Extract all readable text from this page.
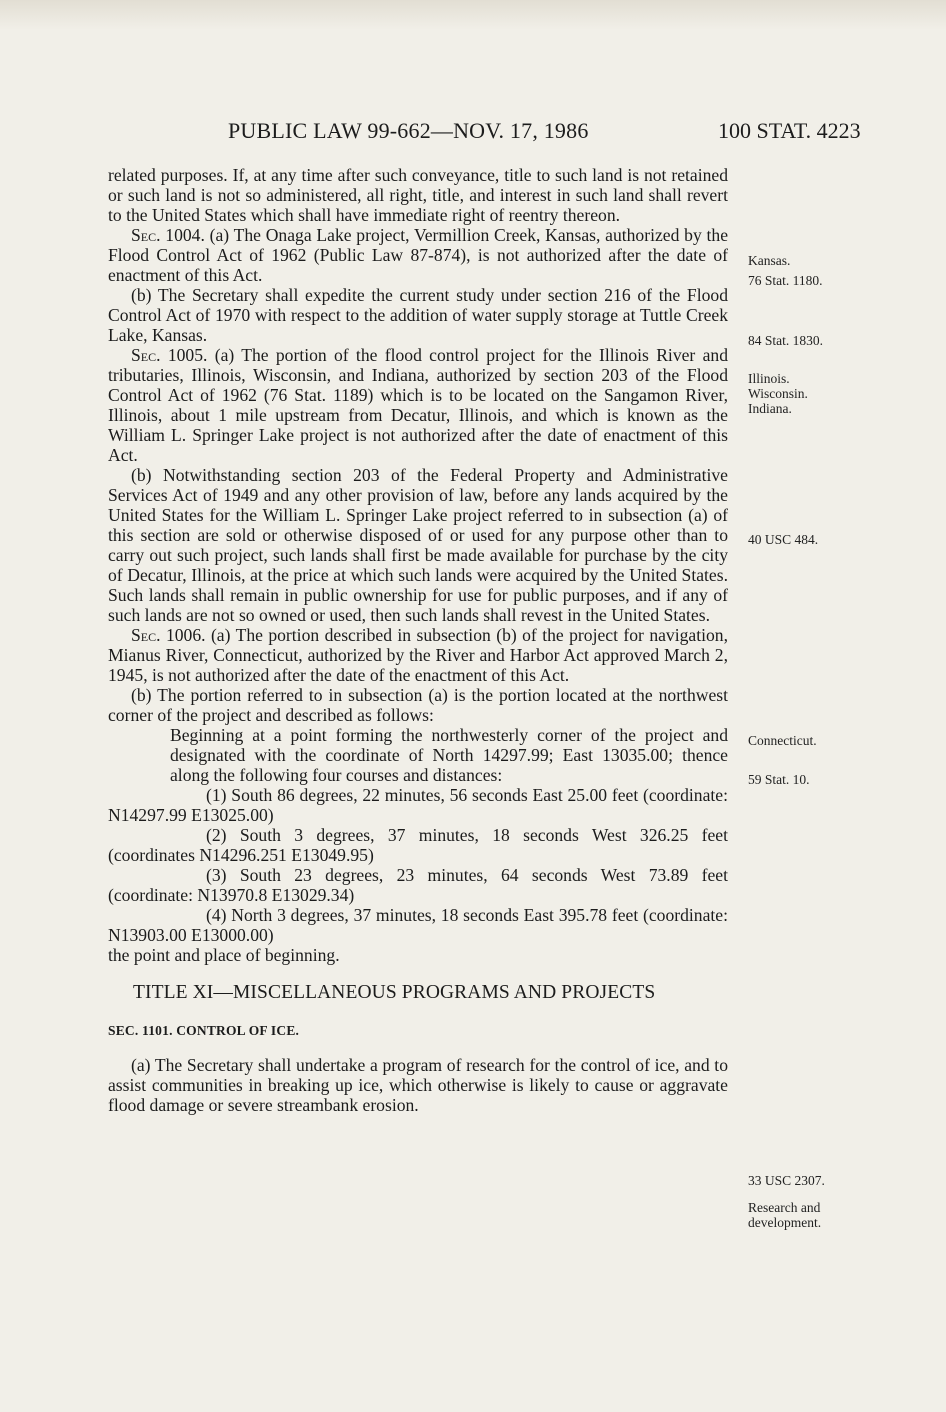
PUBLIC LAW 99-662—NOV. 17, 1986	100 STAT. 4223

related purposes. If, at any time after such conveyance, title to such land is not retained or such land is not so administered, all right, title, and interest in such land shall revert to the United States which shall have immediate right of reentry thereon.

Sec. 1004. (a) The Onaga Lake project, Vermillion Creek, Kansas, authorized by the Flood Control Act of 1962 (Public Law 87-874), is not authorized after the date of enactment of this Act.

(b) The Secretary shall expedite the current study under section 216 of the Flood Control Act of 1970 with respect to the addition of water supply storage at Tuttle Creek Lake, Kansas.

Sec. 1005. (a) The portion of the flood control project for the Illinois River and tributaries, Illinois, Wisconsin, and Indiana, authorized by section 203 of the Flood Control Act of 1962 (76 Stat. 1189) which is to be located on the Sangamon River, Illinois, about 1 mile upstream from Decatur, Illinois, and which is known as the William L. Springer Lake project is not authorized after the date of enactment of this Act.

(b) Notwithstanding section 203 of the Federal Property and Administrative Services Act of 1949 and any other provision of law, before any lands acquired by the United States for the William L. Springer Lake project referred to in subsection (a) of this section are sold or otherwise disposed of or used for any purpose other than to carry out such project, such lands shall first be made available for purchase by the city of Decatur, Illinois, at the price at which such lands were acquired by the United States. Such lands shall remain in public ownership for use for public purposes, and if any of such lands are not so owned or used, then such lands shall revest in the United States.

Sec. 1006. (a) The portion described in subsection (b) of the project for navigation, Mianus River, Connecticut, authorized by the River and Harbor Act approved March 2, 1945, is not authorized after the date of the enactment of this Act.

(b) The portion referred to in subsection (a) is the portion located at the northwest corner of the project and described as follows:

Beginning at a point forming the northwesterly corner of the project and designated with the coordinate of North 14297.99; East 13035.00; thence along the following four courses and distances:

(1) South 86 degrees, 22 minutes, 56 seconds East 25.00 feet (coordinate: N14297.99 E13025.00)

(2) South 3 degrees, 37 minutes, 18 seconds West 326.25 feet (coordinates N14296.251 E13049.95)

(3) South 23 degrees, 23 minutes, 64 seconds West 73.89 feet (coordinate: N13970.8 E13029.34)

(4) North 3 degrees, 37 minutes, 18 seconds East 395.78 feet (coordinate: N13903.00 E13000.00)

the point and place of beginning.

TITLE XI—MISCELLANEOUS PROGRAMS AND PROJECTS

SEC. 1101. CONTROL OF ICE.

(a) The Secretary shall undertake a program of research for the control of ice, and to assist communities in breaking up ice, which otherwise is likely to cause or aggravate flood damage or severe streambank erosion.

Kansas.
76 Stat. 1180.
84 Stat. 1830.
Illinois.
Wisconsin.
Indiana.
40 USC 484.
Connecticut.
59 Stat. 10.
33 USC 2307.
Research and
development.
